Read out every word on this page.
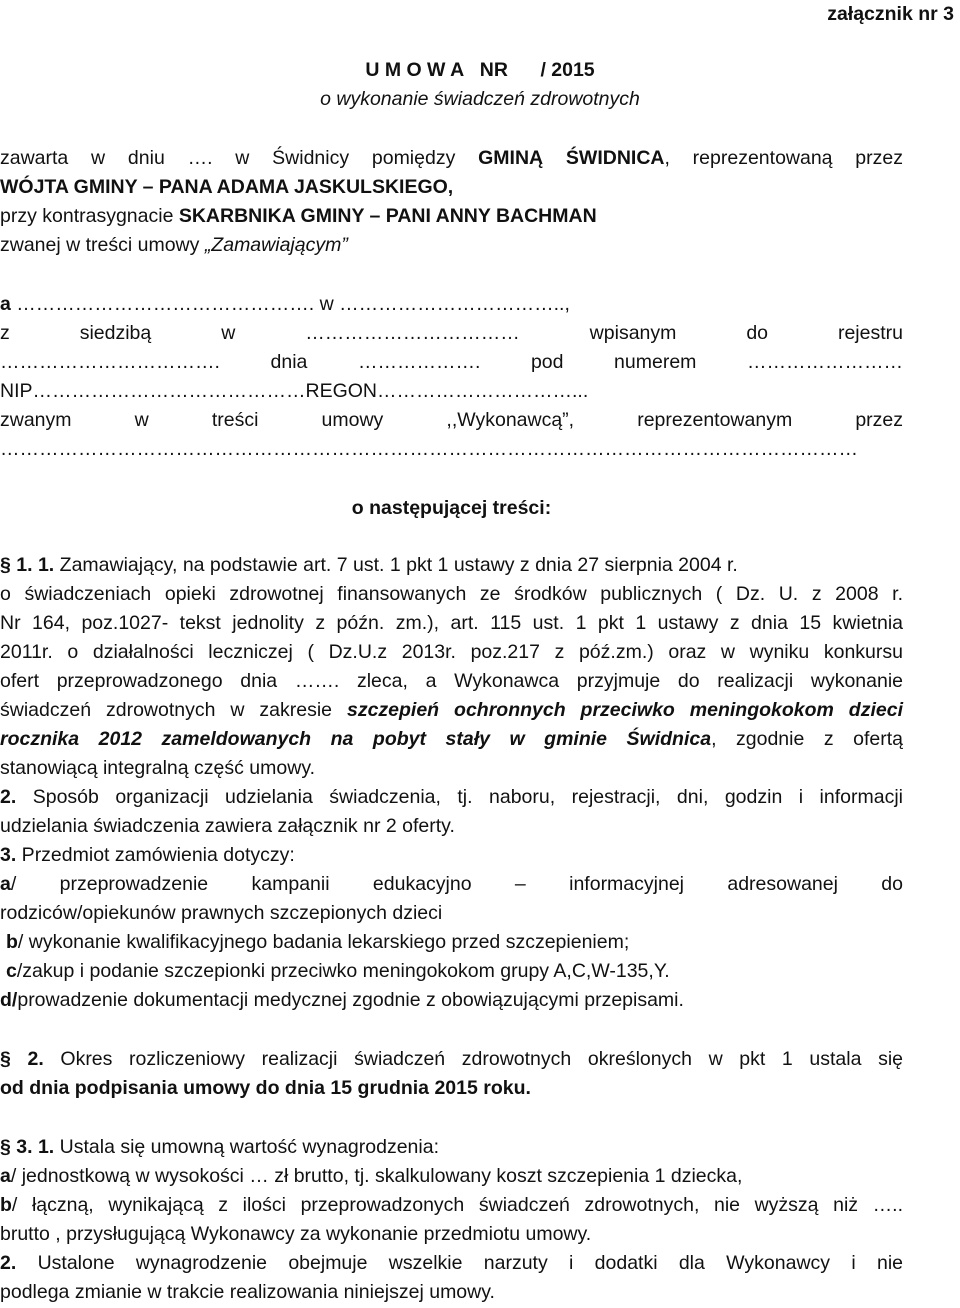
załącznik nr 3
U M O W A   NR      / 2015
o wykonanie świadczeń zdrowotnych
zawarta w dniu …. w Świdnicy pomiędzy GMINĄ ŚWIDNICA, reprezentowaną przez
WÓJTA GMINY – PANA ADAMA JASKULSKIEGO,
przy kontrasygnacie SKARBNIKA GMINY – PANI ANNY BACHMAN
zwanej w treści umowy „Zamawiającym”
a ………………………………………. w ……………………………..,
z siedzibą w …………………………… wpisanym do rejestru
……………………………. dnia ………………. pod numerem ……………………
NIP……………………………………REGON…………………………...
zwanym w treści umowy ,,Wykonawcą”, reprezentowanym przez
……………………………………………………………………………………………………………………
o następującej treści:
§ 1. 1. Zamawiający, na podstawie art. 7 ust. 1 pkt 1 ustawy z dnia 27 sierpnia 2004 r.
o świadczeniach opieki zdrowotnej finansowanych ze środków publicznych ( Dz. U. z 2008 r.
Nr 164, poz.1027- tekst jednolity z późn. zm.), art. 115 ust. 1 pkt 1 ustawy z dnia 15 kwietnia
2011r. o działalności leczniczej ( Dz.U.z 2013r. poz.217 z póź.zm.) oraz w wyniku konkursu
ofert przeprowadzonego dnia ……. zleca, a Wykonawca przyjmuje do realizacji wykonanie
świadczeń zdrowotnych w zakresie szczepień ochronnych przeciwko meningokokom dzieci
rocznika 2012 zameldowanych na pobyt stały w gminie Świdnica, zgodnie z ofertą
stanowiącą integralną część umowy.
2. Sposób organizacji udzielania świadczenia, tj. naboru, rejestracji, dni, godzin i informacji
udzielania świadczenia zawiera załącznik nr 2 oferty.
3. Przedmiot zamówienia dotyczy:
a/ przeprowadzenie kampanii edukacyjno – informacyjnej adresowanej do
rodziców/opiekunów prawnych szczepionych dzieci
b/ wykonanie kwalifikacyjnego badania lekarskiego przed szczepieniem;
c/zakup i podanie szczepionki przeciwko meningokokom grupy A,C,W-135,Y.
d/prowadzenie dokumentacji medycznej zgodnie z obowiązującymi przepisami.
§ 2. Okres rozliczeniowy realizacji świadczeń zdrowotnych określonych w pkt 1 ustala się
od dnia podpisania umowy do dnia 15 grudnia 2015 roku.
§ 3. 1. Ustala się umowną wartość wynagrodzenia:
a/ jednostkową w wysokości … zł brutto, tj. skalkulowany koszt szczepienia 1 dziecka,
b/ łączną, wynikającą z ilości przeprowadzonych świadczeń zdrowotnych, nie wyższą niż …..
brutto , przysługującą Wykonawcy za wykonanie przedmiotu umowy.
2. Ustalone wynagrodzenie obejmuje wszelkie narzuty i dodatki dla Wykonawcy i nie
podlega zmianie w trakcie realizowania niniejszej umowy.
